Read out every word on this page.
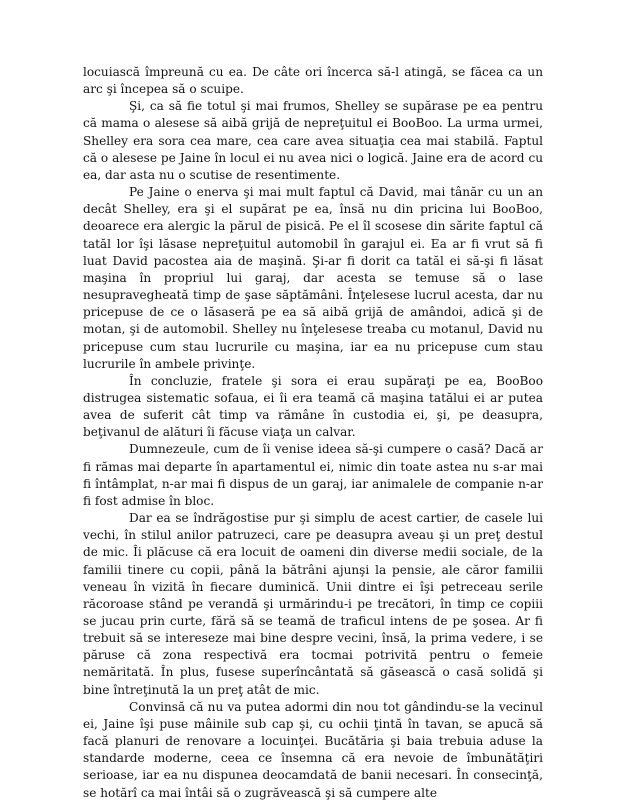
locuiască împreună cu ea. De câte ori încerca să-l atingă, se făcea ca un arc şi începea să o scuipe.

Şi, ca să fie totul şi mai frumos, Shelley se supărase pe ea pentru că mama o alesese să aibă grijă de nepreţuitul ei BooBoo. La urma urmei, Shelley era sora cea mare, cea care avea situaţia cea mai stabilă. Faptul că o alesese pe Jaine în locul ei nu avea nici o logică. Jaine era de acord cu ea, dar asta nu o scutise de resentimente.

Pe Jaine o enerva şi mai mult faptul că David, mai tânăr cu un an decât Shelley, era şi el supărat pe ea, însă nu din pricina lui BooBoo, deoarece era alergic la părul de pisică. Pe el îl scosese din sărite faptul că tatăl lor îşi lăsase nepreţuitul automobil în garajul ei. Ea ar fi vrut să fi luat David pacostea aia de maşină. Şi-ar fi dorit ca tatăl ei să-şi fi lăsat maşina în propriul lui garaj, dar acesta se temuse să o lase nesupravegheată timp de şase săptămâni. Înţelesese lucrul acesta, dar nu pricepuse de ce o lăsaseră pe ea să aibă grijă de amândoi, adică şi de motan, şi de automobil. Shelley nu înţelesese treaba cu motanul, David nu pricepuse cum stau lucrurile cu maşina, iar ea nu pricepuse cum stau lucrurile în ambele privinţe.

În concluzie, fratele şi sora ei erau supăraţi pe ea, BooBoo distrugea sistematic sofaua, ei îi era teamă că maşina tatălui ei ar putea avea de suferit cât timp va rămâne în custodia ei, şi, pe deasupra, beţivanul de alături îi făcuse viaţa un calvar.

Dumnezeule, cum de îi venise ideea să-şi cumpere o casă? Dacă ar fi rămas mai departe în apartamentul ei, nimic din toate astea nu s-ar mai fi întâmplat, n-ar mai fi dispus de un garaj, iar animalele de companie n-ar fi fost admise în bloc.

Dar ea se îndrăgostise pur şi simplu de acest cartier, de casele lui vechi, în stilul anilor patruzeci, care pe deasupra aveau şi un preţ destul de mic. Îi plăcuse că era locuit de oameni din diverse medii sociale, de la familii tinere cu copii, până la bătrâni ajunşi la pensie, ale căror familii veneau în vizită în fiecare duminică. Unii dintre ei îşi petreceau serile răcoroase stând pe verandă şi urmărindu-i pe trecători, în timp ce copiii se jucau prin curte, fără să se teamă de traficul intens de pe şosea. Ar fi trebuit să se intereseze mai bine despre vecini, însă, la prima vedere, i se păruse că zona respectivă era tocmai potrivită pentru o femeie nemăritată. În plus, fusese superîncântată să găsească o casă solidă şi bine întreţinută la un preţ atât de mic.

Convinsă că nu va putea adormi din nou tot gândindu-se la vecinul ei, Jaine îşi puse mâinile sub cap şi, cu ochii ţintă în tavan, se apucă să facă planuri de renovare a locuinţei. Bucătăria şi baia trebuia aduse la standarde moderne, ceea ce însemna că era nevoie de îmbunătăţiri serioase, iar ea nu dispunea deocamdată de banii necesari. În consecinţă, se hotărî ca mai întâi să o zugrăvească şi să cumpere alte
